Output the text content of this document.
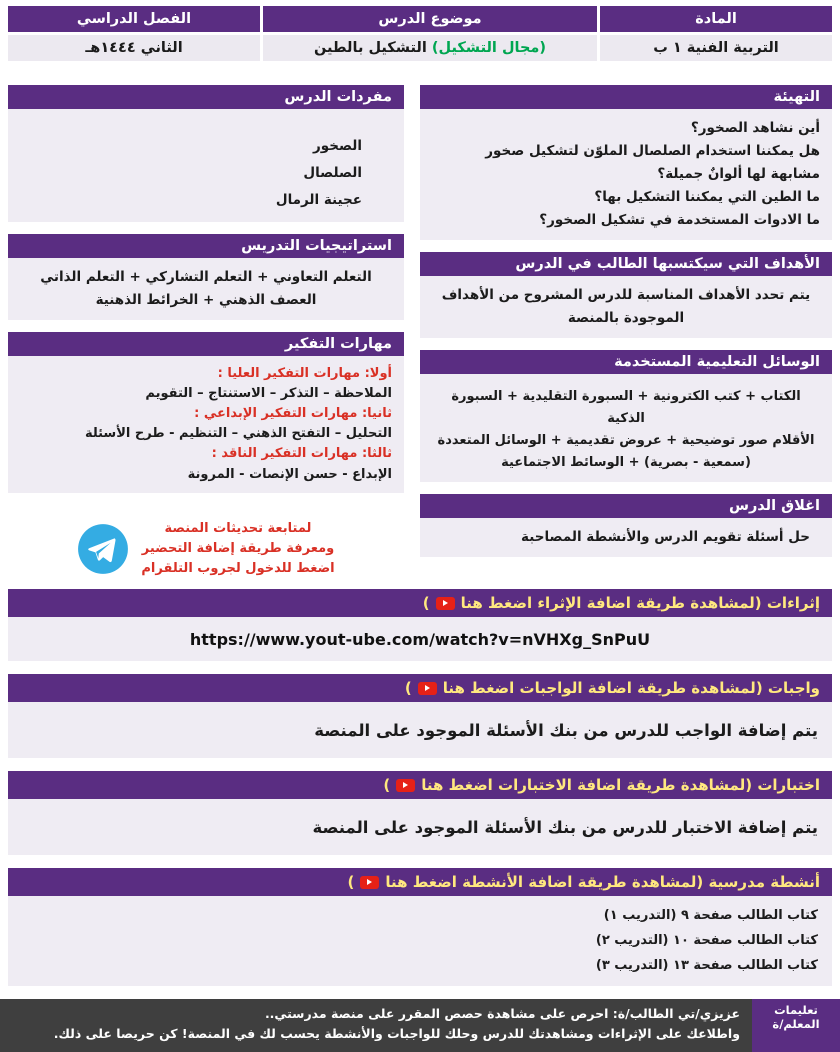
المادة
التربية الفنية ١ ب
موضوع الدرس
(مجال التشكيل) التشكيل بالطين
الفصل الدراسي
الثاني ١٤٤٤هـ
التهيئة
أين نشاهد الصخور؟
هل يمكننا استخدام الصلصال الملوّن لتشكيل صخور مشابهة لها ألوانٌ جميلة؟
ما الطين التي يمكننا التشكيل بها؟
ما الادوات المستخدمة في تشكيل الصخور؟
الأهداف التي سيكتسبها الطالب في الدرس
يتم تحدد الأهداف المناسبة للدرس المشروح من الأهداف الموجودة بالمنصة
الوسائل التعليمية المستخدمة
الكتاب + كتب الكترونية + السبورة التقليدية + السبورة الذكية
الأقلام صور توضيحية + عروض تقديمية + الوسائل المتعددة
(سمعية - بصرية) + الوسائط الاجتماعية
اغلاق الدرس
حل أسئلة تقويم الدرس والأنشطة المصاحبة
مفردات الدرس
الصخور
الصلصال
عجينة الرمال
استراتيجيات التدريس
التعلم التعاوني + التعلم التشاركي + التعلم الذاتي
العصف الذهني + الخرائط الذهنية
مهارات التفكير
أولا: مهارات التفكير العليا :
الملاحظة – التذكر – الاستنتاج – التقويم
ثانيا: مهارات التفكير الإبداعي :
التحليل – التفتح الذهني – التنظيم - طرح الأسئلة
ثالثا: مهارات التفكير الناقد :
الإبداع - حسن الإنصات - المرونة
لمتابعة تحديثات المنصة
ومعرفة طريقة إضافة التحضير
اضغط للدخول لجروب التلقرام
إثراءات (لمشاهدة طريقة اضافة الإثراء اضغط هنا
)
https://www.yout-ube.com/watch?v=nVHXg_SnPuU
واجبات (لمشاهدة طريقة اضافة الواجبات اضغط هنا
)
يتم إضافة الواجب للدرس من بنك الأسئلة الموجود على المنصة
اختبارات (لمشاهدة طريقة اضافة الاختبارات اضغط هنا
)
يتم إضافة الاختبار للدرس من بنك الأسئلة الموجود على المنصة
أنشطة مدرسية (لمشاهدة طريقة اضافة الأنشطة اضغط هنا
)
كتاب الطالب صفحة ٩ (التدريب ١)
كتاب الطالب صفحة ١٠ (التدريب ٢)
كتاب الطالب صفحة ١٣ (التدريب ٣)
تعليمات المعلم/ة
عزيزي/تي الطالب/ة: احرص على مشاهدة حصص المقرر على منصة مدرستي..
واطلاعك على الإثراءات ومشاهدتك للدرس وحلك للواجبات والأنشطة يحسب لك في المنصة! كن حريصا على ذلك.
